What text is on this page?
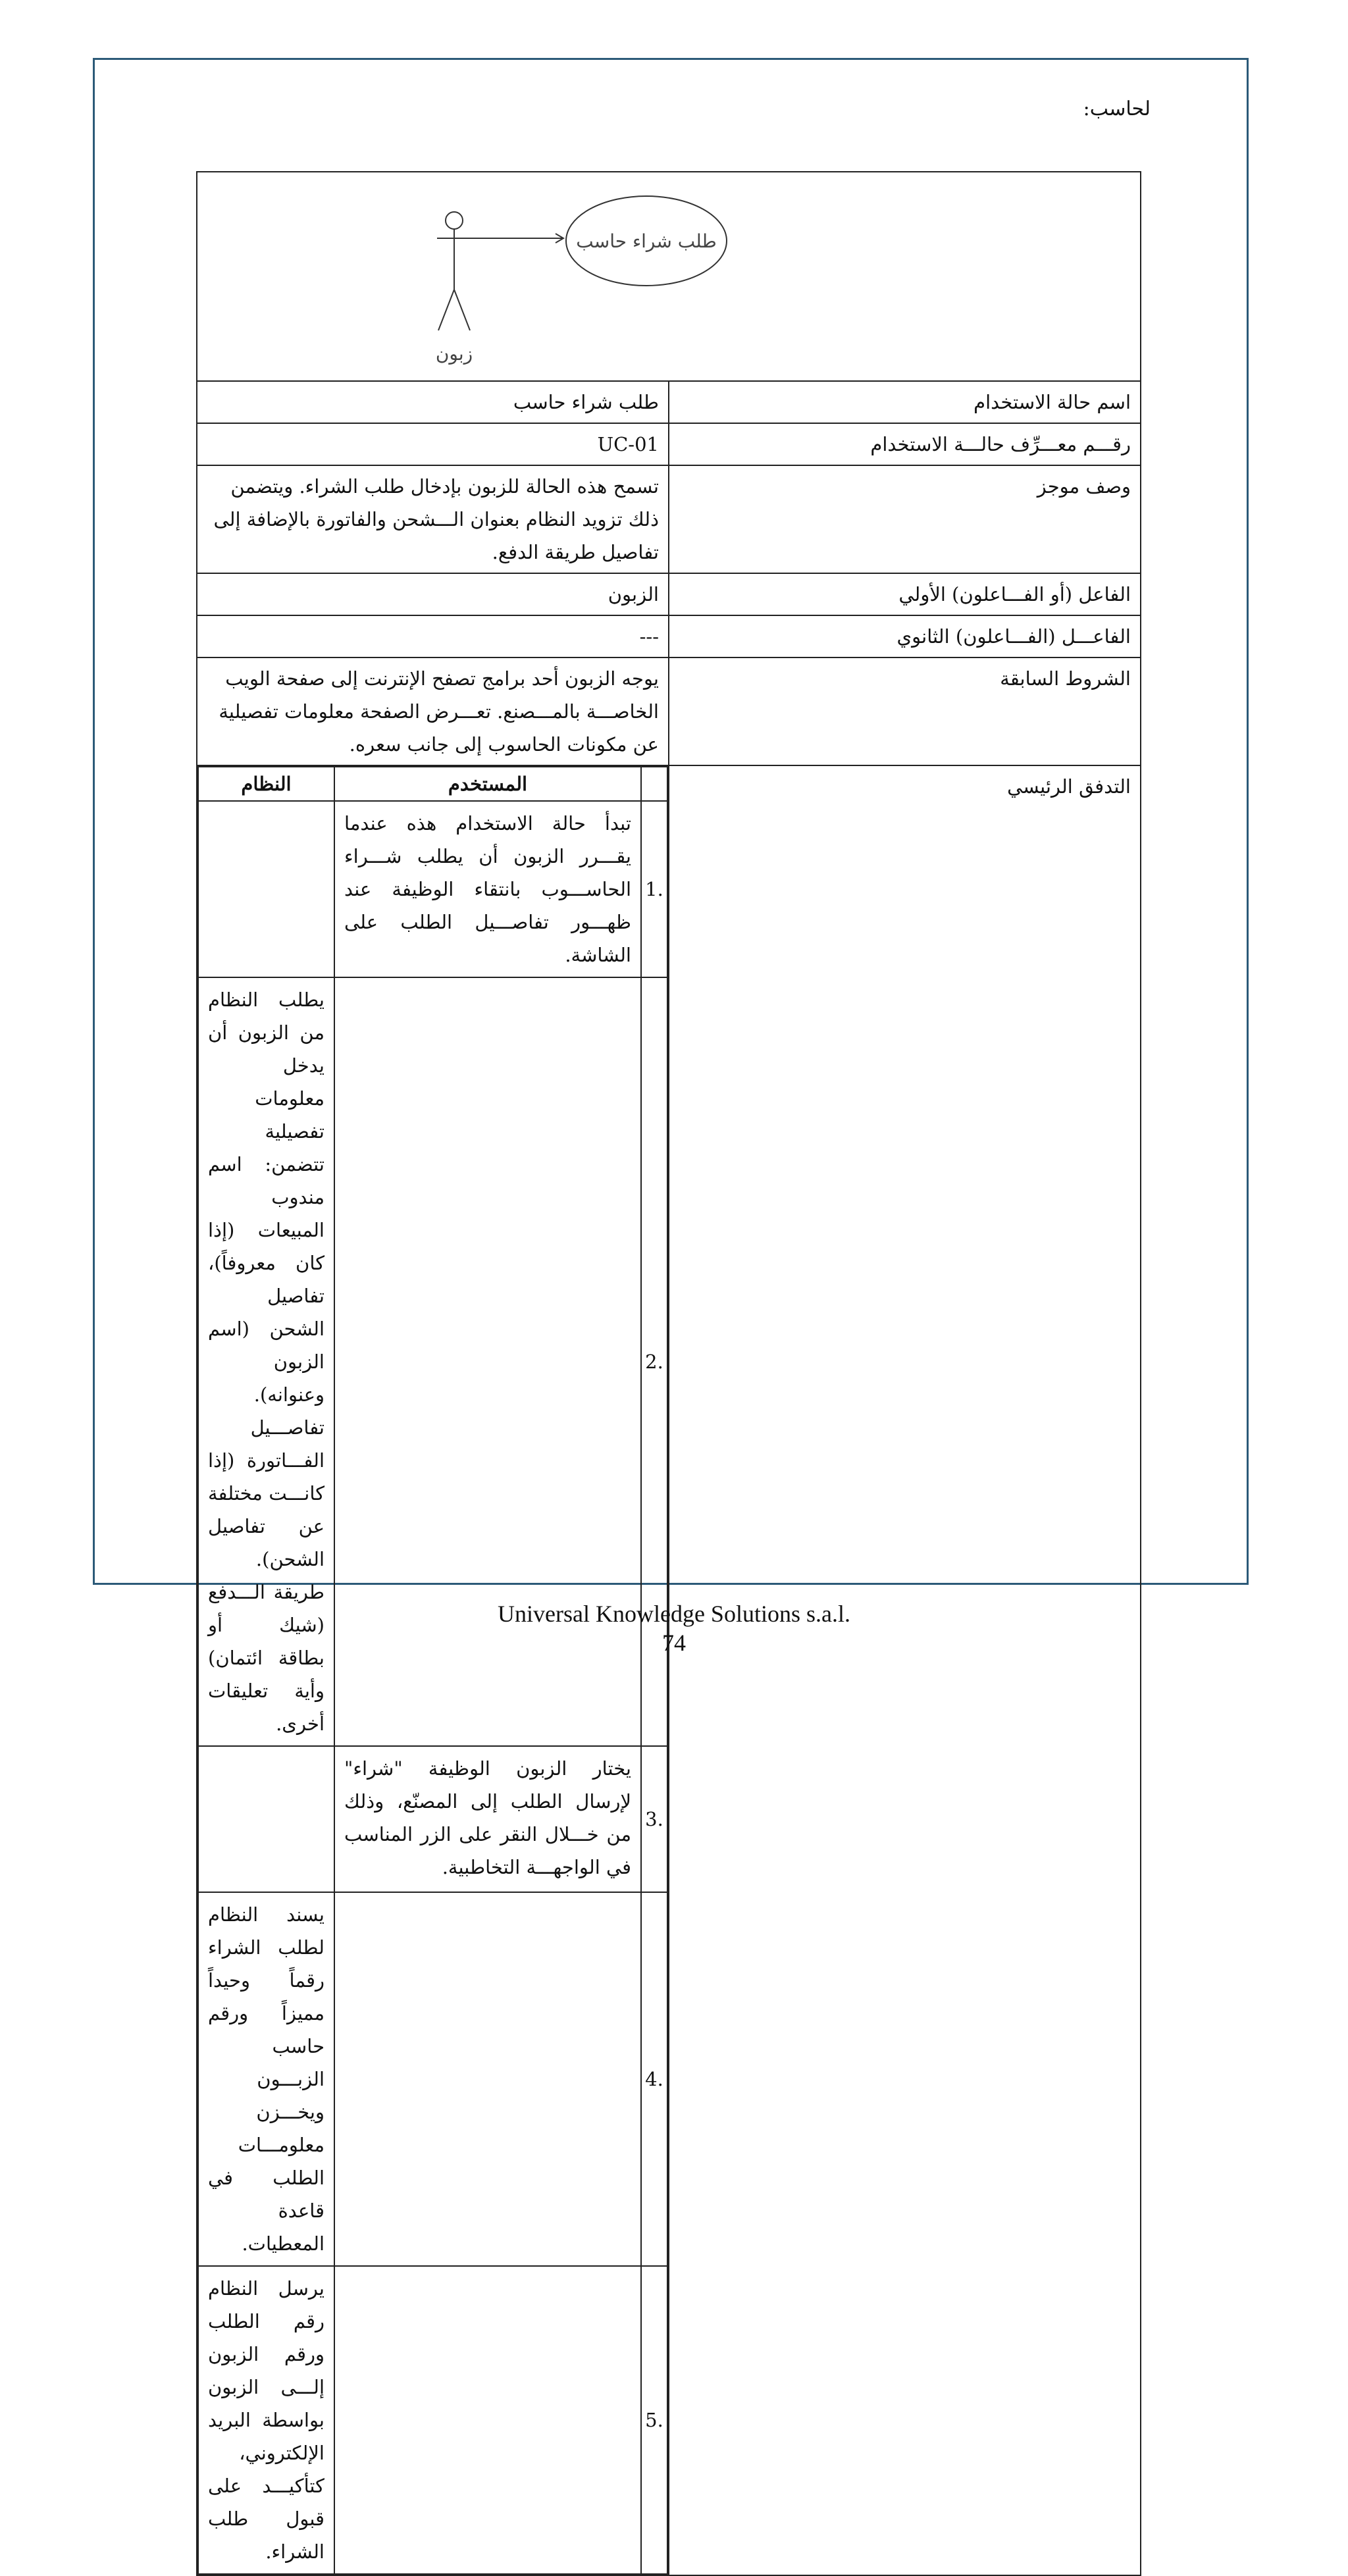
لحاسب:
طلب شراء حاسب
زبون

اسم حالة الاستخدام	طلب شراء حاسب
رقـــم معـــرِّف حالـــة الاستخدام	UC-01
وصف موجز	تسمح هذه الحالة للزبون بإدخال طلب الشراء. ويتضمن ذلك تزويد النظام بعنوان الـــشحن والفاتورة بالإضافة إلى تفاصيل طريقة الدفع.
الفاعل (أو الفـــاعلون) الأولي	الزبون
الفاعـــل (الفـــاعلون) الثانوي	---
الشروط السابقة	يوجه الزبون أحد برامج تصفح الإنترنت إلى صفحة الويب الخاصـــة بالمـــصنع. تعـــرض الصفحة معلومات تفصيلية عن مكونات الحاسوب إلى جانب سعره.
التدفق الرئيسي	
	المستخدم	النظام
.1	تبدأ حالة الاستخدام هذه عندما يقـــرر الزبون أن يطلب شـــراء الحاســـوب بانتقاء الوظيفة عند ظهـــور تفاصـــيل الطلب على الشاشة.	
.2		يطلب النظام من الزبون أن يدخل معلومات تفصيلية تتضمن: اسم مندوب المبيعات (إذا كان معروفاً)، تفاصيل الشحن (اسم الزبون وعنوانه). تفاصـــيل الفـــاتورة (إذا كانـــت مختلفة عن تفاصيل الشحن). طريقة الـــدفع (شيك أو بطاقة ائتمان) وأية تعليقات أخرى.
.3	يختار الزبون الوظيفة "شراء" لإرسال الطلب إلى المصنّع، وذلك من خـــلال النقر على الزر المناسب في الواجهـــة التخاطبية.	
.4		يسند النظام لطلب الشراء رقماً وحيداً مميزاً ورقم حاسب الزبـــون ويخـــزن معلومـــات الطلب في قاعدة المعطيات.
.5		يرسل النظام رقم الطلب ورقم الزبون إلـــى الزبون بواسطة البريد الإلكتروني، كتأكيـــد على قبول طلب الشراء.
Universal Knowledge Solutions s.a.l.
74
